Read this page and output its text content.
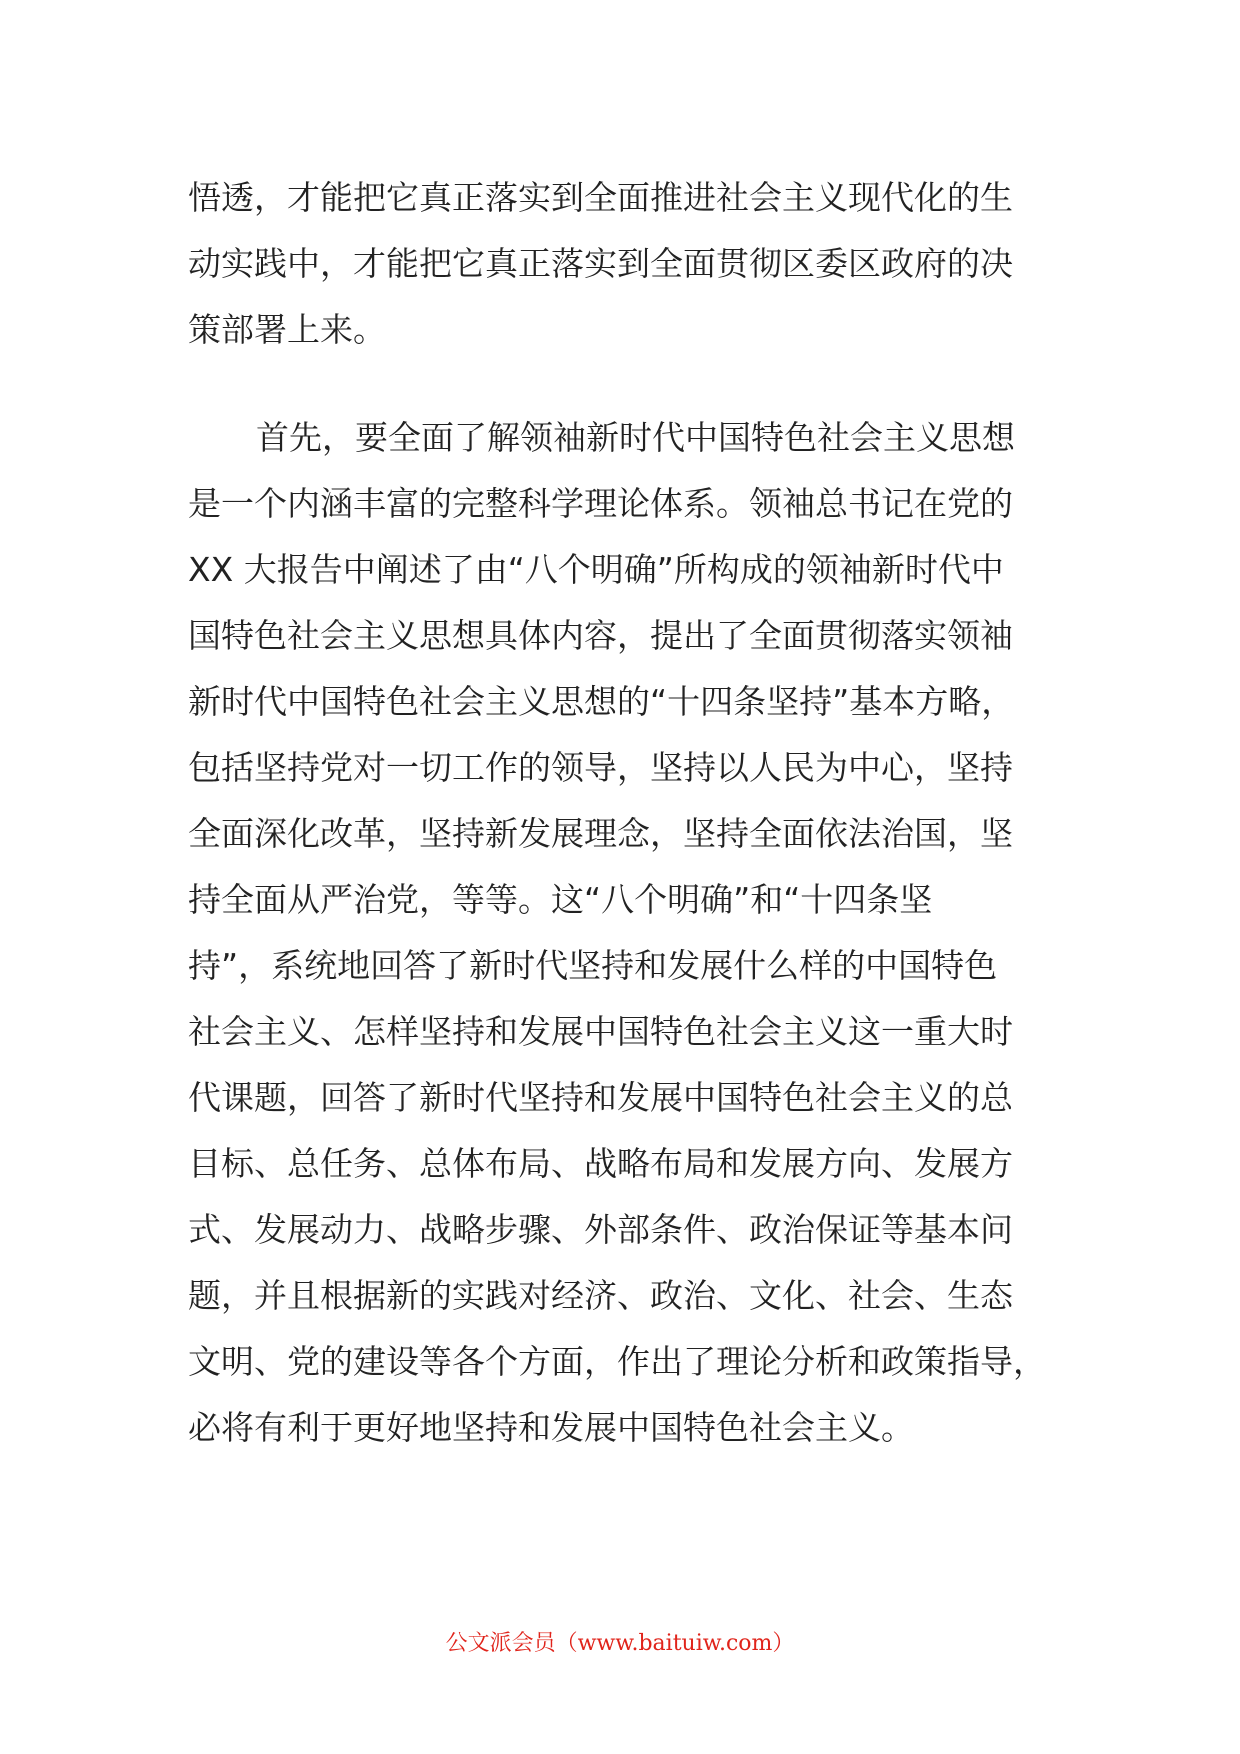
悟透，才能把它真正落实到全面推进社会主义现代化的生
动实践中，才能把它真正落实到全面贯彻区委区政府的决
策部署上来。
首先，要全面了解领袖新时代中国特色社会主义思想
是一个内涵丰富的完整科学理论体系。领袖总书记在党的
XX 大报告中阐述了由“八个明确”所构成的领袖新时代中
国特色社会主义思想具体内容，提出了全面贯彻落实领袖
新时代中国特色社会主义思想的“十四条坚持”基本方略，
包括坚持党对一切工作的领导，坚持以人民为中心，坚持
全面深化改革，坚持新发展理念，坚持全面依法治国，坚
持全面从严治党，等等。这“八个明确”和“十四条坚
持”，系统地回答了新时代坚持和发展什么样的中国特色
社会主义、怎样坚持和发展中国特色社会主义这一重大时
代课题，回答了新时代坚持和发展中国特色社会主义的总
目标、总任务、总体布局、战略布局和发展方向、发展方
式、发展动力、战略步骤、外部条件、政治保证等基本问
题，并且根据新的实践对经济、政治、文化、社会、生态
文明、党的建设等各个方面，作出了理论分析和政策指导，
必将有利于更好地坚持和发展中国特色社会主义。
公文派会员（www.baituiw.com）
